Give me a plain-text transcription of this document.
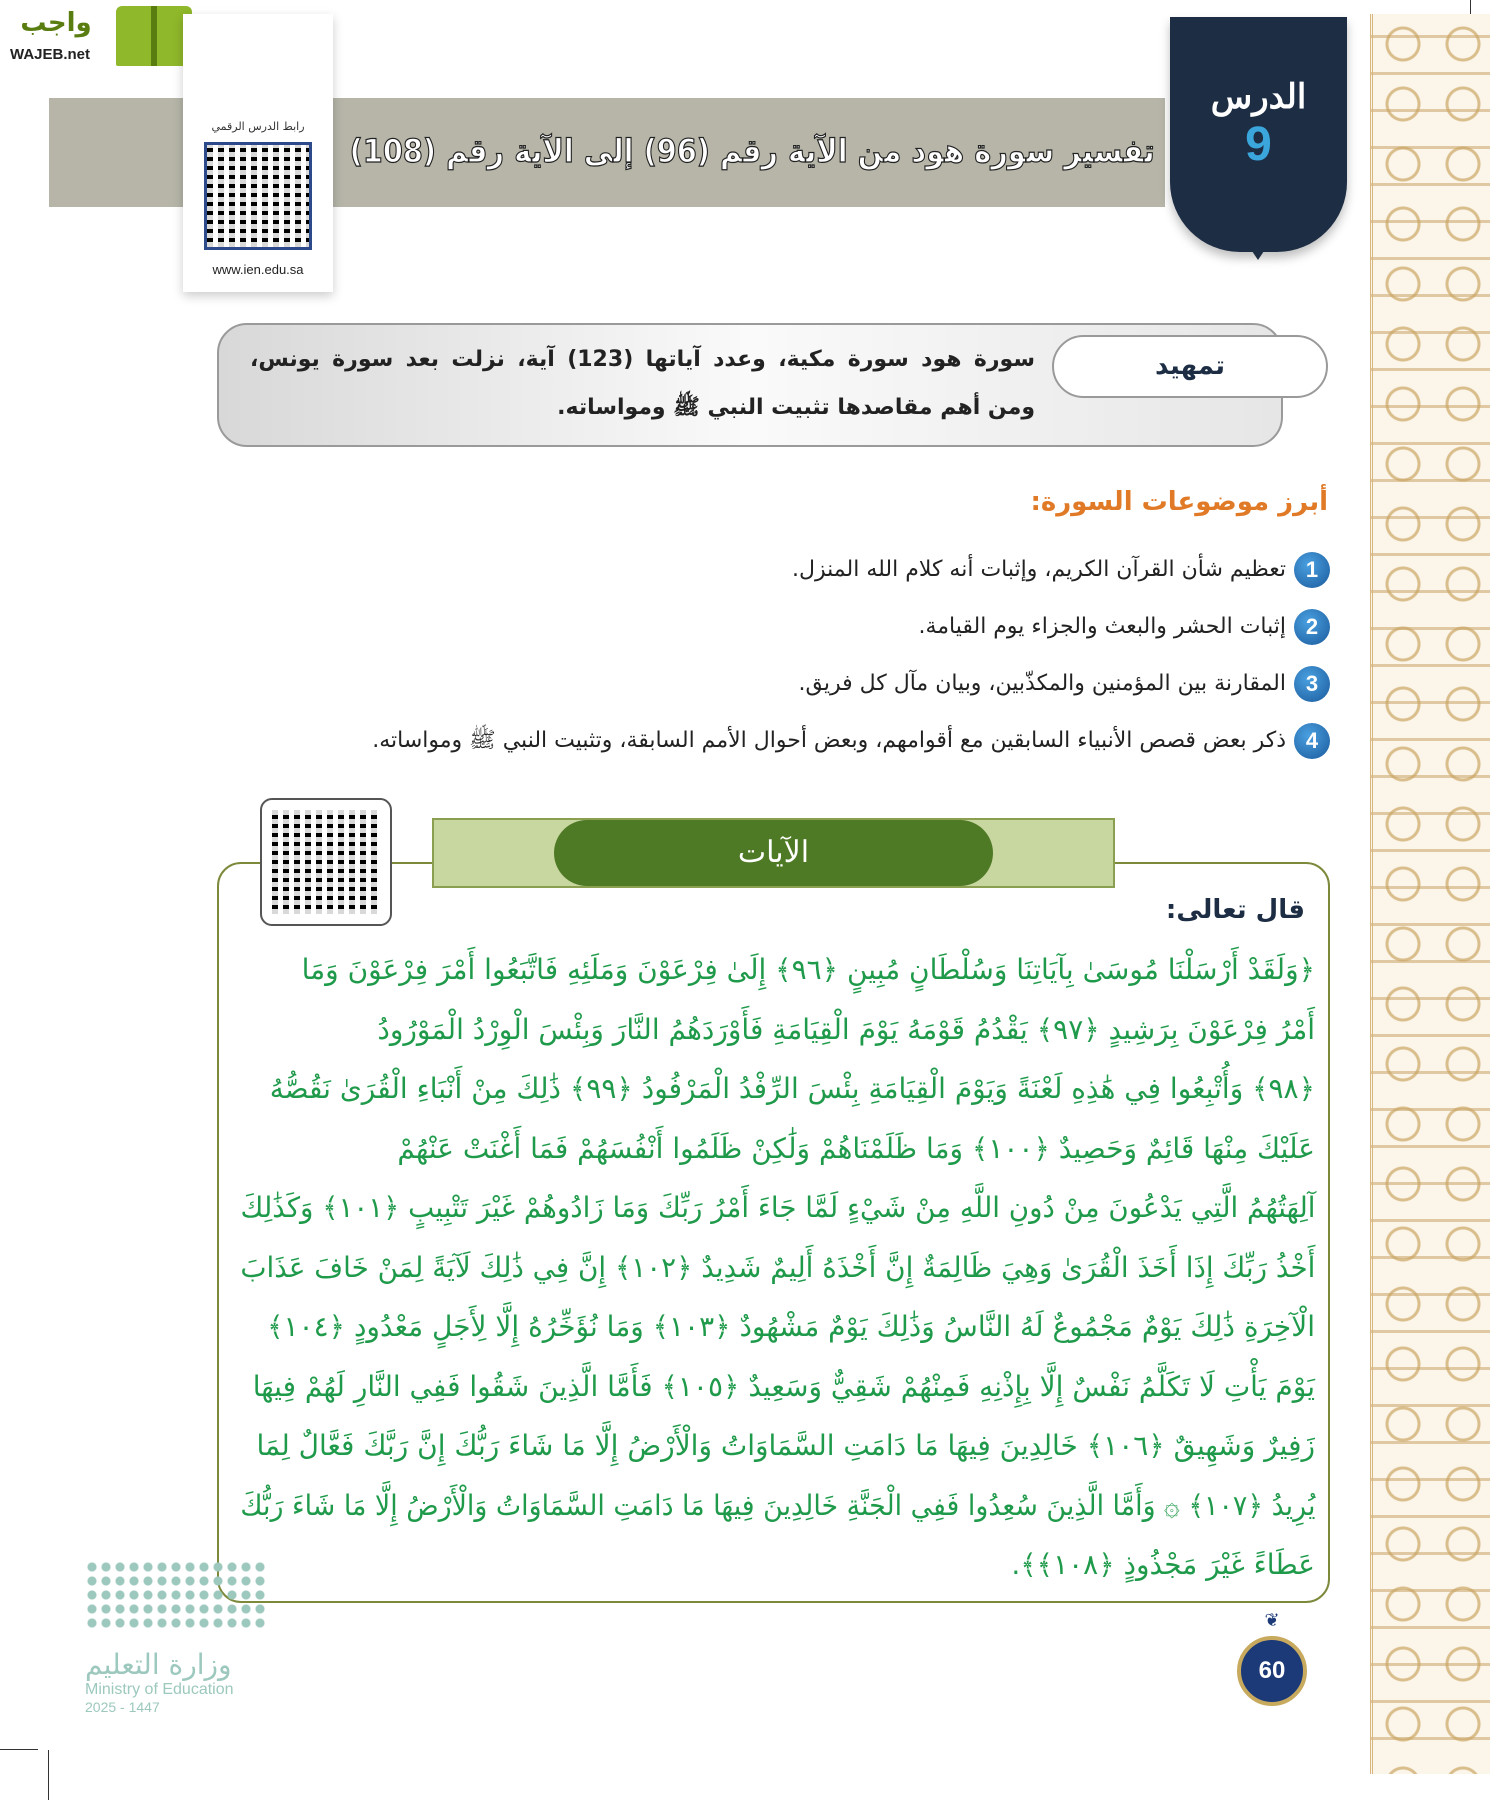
واجب
WAJEB.net
رابط الدرس الرقمي
www.ien.edu.sa
تفسير سورة هود من الآية رقم (96) إلى الآية رقم (108)
الدرس
9
سورة هود سورة مكية، وعدد آياتها (123) آية، نزلت بعد سورة يونس، ومن أهم مقاصدها تثبيت النبي ﷺ ومواساته.
تمهيد
أبرز موضوعات السورة:
1
تعظيم شأن القرآن الكريم، وإثبات أنه كلام الله المنزل.
2
إثبات الحشر والبعث والجزاء يوم القيامة.
3
المقارنة بين المؤمنين والمكذّبين، وبيان مآل كل فريق.
4
ذكر بعض قصص الأنبياء السابقين مع أقوامهم، وبعض أحوال الأمم السابقة، وتثبيت النبي ﷺ ومواساته.
الآيات
قال تعالى:
﴿وَلَقَدْ أَرْسَلْنَا مُوسَىٰ بِآيَاتِنَا وَسُلْطَانٍ مُبِينٍ ﴿٩٦﴾ إِلَىٰ فِرْعَوْنَ وَمَلَئِهِ فَاتَّبَعُوا أَمْرَ فِرْعَوْنَ وَمَا
أَمْرُ فِرْعَوْنَ بِرَشِيدٍ ﴿٩٧﴾ يَقْدُمُ قَوْمَهُ يَوْمَ الْقِيَامَةِ فَأَوْرَدَهُمُ النَّارَ وَبِئْسَ الْوِرْدُ الْمَوْرُودُ
﴿٩٨﴾ وَأُتْبِعُوا فِي هَٰذِهِ لَعْنَةً وَيَوْمَ الْقِيَامَةِ بِئْسَ الرِّفْدُ الْمَرْفُودُ ﴿٩٩﴾ ذَٰلِكَ مِنْ أَنْبَاءِ الْقُرَىٰ نَقُصُّهُ
عَلَيْكَ مِنْهَا قَائِمٌ وَحَصِيدٌ ﴿١٠٠﴾ وَمَا ظَلَمْنَاهُمْ وَلَٰكِنْ ظَلَمُوا أَنْفُسَهُمْ فَمَا أَغْنَتْ عَنْهُمْ
آلِهَتُهُمُ الَّتِي يَدْعُونَ مِنْ دُونِ اللَّهِ مِنْ شَيْءٍ لَمَّا جَاءَ أَمْرُ رَبِّكَ وَمَا زَادُوهُمْ غَيْرَ تَتْبِيبٍ ﴿١٠١﴾ وَكَذَٰلِكَ
أَخْذُ رَبِّكَ إِذَا أَخَذَ الْقُرَىٰ وَهِيَ ظَالِمَةٌ إِنَّ أَخْذَهُ أَلِيمٌ شَدِيدٌ ﴿١٠٢﴾ إِنَّ فِي ذَٰلِكَ لَآيَةً لِمَنْ خَافَ عَذَابَ
الْآخِرَةِ ذَٰلِكَ يَوْمٌ مَجْمُوعٌ لَهُ النَّاسُ وَذَٰلِكَ يَوْمٌ مَشْهُودٌ ﴿١٠٣﴾ وَمَا نُؤَخِّرُهُ إِلَّا لِأَجَلٍ مَعْدُودٍ ﴿١٠٤﴾
يَوْمَ يَأْتِ لَا تَكَلَّمُ نَفْسٌ إِلَّا بِإِذْنِهِ فَمِنْهُمْ شَقِيٌّ وَسَعِيدٌ ﴿١٠٥﴾ فَأَمَّا الَّذِينَ شَقُوا فَفِي النَّارِ لَهُمْ فِيهَا
زَفِيرٌ وَشَهِيقٌ ﴿١٠٦﴾ خَالِدِينَ فِيهَا مَا دَامَتِ السَّمَاوَاتُ وَالْأَرْضُ إِلَّا مَا شَاءَ رَبُّكَ إِنَّ رَبَّكَ فَعَّالٌ لِمَا
يُرِيدُ ﴿١٠٧﴾ ۞ وَأَمَّا الَّذِينَ سُعِدُوا فَفِي الْجَنَّةِ خَالِدِينَ فِيهَا مَا دَامَتِ السَّمَاوَاتُ وَالْأَرْضُ إِلَّا مَا شَاءَ رَبُّكَ
عَطَاءً غَيْرَ مَجْذُوذٍ ﴿١٠٨﴾﴾.
❦
60
وزارة التعليم
Ministry of Education
2025 - 1447
